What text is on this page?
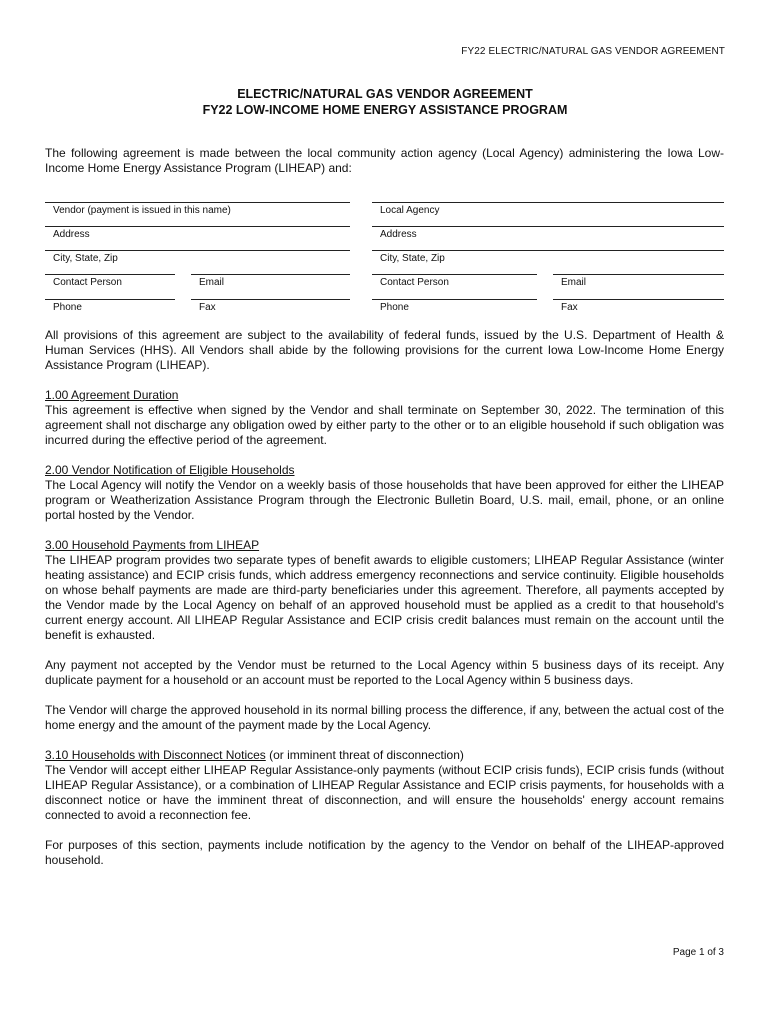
FY22 ELECTRIC/NATURAL GAS VENDOR AGREEMENT
ELECTRIC/NATURAL GAS VENDOR AGREEMENT
FY22 LOW-INCOME HOME ENERGY ASSISTANCE PROGRAM
The following agreement is made between the local community action agency (Local Agency) administering the Iowa Low-Income Home Energy Assistance Program (LIHEAP) and:
Vendor (payment is issued in this name)
Address
City, State, Zip
Contact Person	Email
Phone	Fax
Local Agency
Address
City, State, Zip
Contact Person	Email
Phone	Fax

All provisions of this agreement are subject to the availability of federal funds, issued by the U.S. Department of Health & Human Services (HHS). All Vendors shall abide by the following provisions for the current Iowa Low-Income Home Energy Assistance Program (LIHEAP).

1.00 Agreement Duration
This agreement is effective when signed by the Vendor and shall terminate on September 30, 2022. The termination of this agreement shall not discharge any obligation owed by either party to the other or to an eligible household if such obligation was incurred during the effective period of the agreement.

2.00 Vendor Notification of Eligible Households
The Local Agency will notify the Vendor on a weekly basis of those households that have been approved for either the LIHEAP program or Weatherization Assistance Program through the Electronic Bulletin Board, U.S. mail, email, phone, or an online portal hosted by the Vendor.

3.00 Household Payments from LIHEAP
The LIHEAP program provides two separate types of benefit awards to eligible customers; LIHEAP Regular Assistance (winter heating assistance) and ECIP crisis funds, which address emergency reconnections and service continuity. Eligible households on whose behalf payments are made are third-party beneficiaries under this agreement. Therefore, all payments accepted by the Vendor made by the Local Agency on behalf of an approved household must be applied as a credit to that household's current energy account. All LIHEAP Regular Assistance and ECIP crisis credit balances must remain on the account until the benefit is exhausted.

Any payment not accepted by the Vendor must be returned to the Local Agency within 5 business days of its receipt. Any duplicate payment for a household or an account must be reported to the Local Agency within 5 business days.

The Vendor will charge the approved household in its normal billing process the difference, if any, between the actual cost of the home energy and the amount of the payment made by the Local Agency.

3.10 Households with Disconnect Notices (or imminent threat of disconnection)
The Vendor will accept either LIHEAP Regular Assistance-only payments (without ECIP crisis funds), ECIP crisis funds (without LIHEAP Regular Assistance), or a combination of LIHEAP Regular Assistance and ECIP crisis payments, for households with a disconnect notice or have the imminent threat of disconnection, and will ensure the households' energy account remains connected to avoid a reconnection fee.

For purposes of this section, payments include notification by the agency to the Vendor on behalf of the LIHEAP-approved household.

Page 1 of 3
